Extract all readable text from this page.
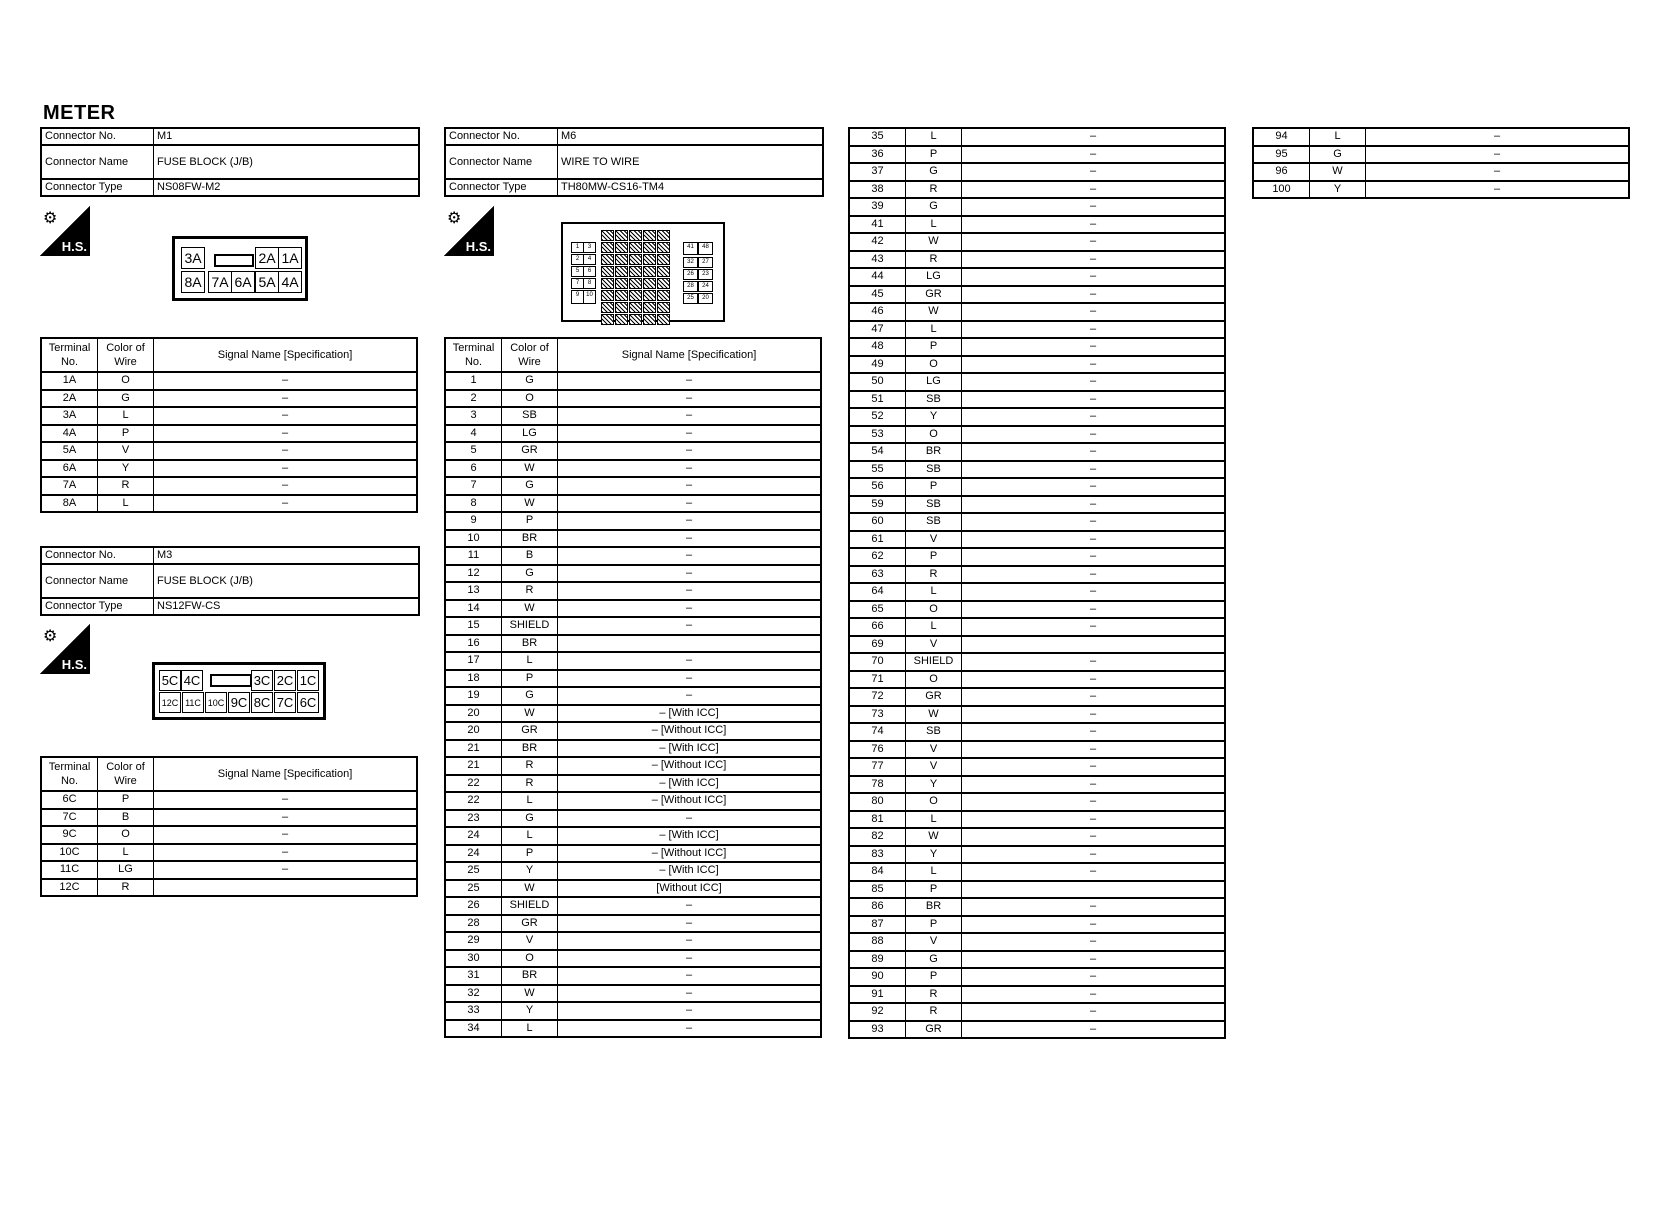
METER
Connector No.	M1
Connector Name	FUSE BLOCK (J/B)
Connector Type	NS08FW-M2
⚙
H.S.
3A	2A 1A
8A 7A 6A 5A 4A
Terminal No.	Color of Wire	Signal Name [Specification]
1A	O	–
2A	G	–
3A	L	–
4A	P	–
5A	V	–
6A	Y	–
7A	R	–
8A	L	–
Connector No.	M3
Connector Name	FUSE BLOCK (J/B)
Connector Type	NS12FW-CS
⚙
H.S.
5C 4C	3C 2C 1C
12C 11C 10C 9C 8C 7C 6C
Terminal No.	Color of Wire	Signal Name [Specification]
6C	P	–
7C	B	–
9C	O	–
10C	L	–
11C	LG	–
12C	R	
Connector No.	M6
Connector Name	WIRE TO WIRE
Connector Type	TH80MW-CS16-TM4
⚙
H.S.	1	3
2	4
5	6
7	8
9	10
41	48
32	27
26	23
28	24
25	20
Terminal No.	Color of Wire	Signal Name [Specification]
1	G	–
2	O	–
3	SB	–
4	LG	–
5	GR	–
6	W	–
7	G	–
8	W	–
9	P	–
10	BR	–
11	B	–
12	G	–
13	R	–
14	W	–
15	SHIELD	–
16	BR	
17	L	–
18	P	–
19	G	–
20	W	– [With ICC]
20	GR	– [Without ICC]
21	BR	– [With ICC]
21	R	– [Without ICC]
22	R	– [With ICC]
22	L	– [Without ICC]
23	G	–
24	L	– [With ICC]
24	P	– [Without ICC]
25	Y	– [With ICC]
25	W	[Without ICC]
26	SHIELD	–
28	GR	–
29	V	–
30	O	–
31	BR	–
32	W	–
33	Y	–
34	L	–
35	L	–
36	P	–
37	G	–
38	R	–
39	G	–
41	L	–
42	W	–
43	R	–
44	LG	–
45	GR	–
46	W	–
47	L	–
48	P	–
49	O	–
50	LG	–
51	SB	–
52	Y	–
53	O	–
54	BR	–
55	SB	–
56	P	–
59	SB	–
60	SB	–
61	V	–
62	P	–
63	R	–
64	L	–
65	O	–
66	L	–
69	V	
70	SHIELD	–
71	O	–
72	GR	–
73	W	–
74	SB	–
76	V	–
77	V	–
78	Y	–
80	O	–
81	L	–
82	W	–
83	Y	–
84	L	–
85	P	
86	BR	–
87	P	–
88	V	–
89	G	–
90	P	–
91	R	–
92	R	–
93	GR	–
94	L	–
95	G	–
96	W	–
100	Y	–
